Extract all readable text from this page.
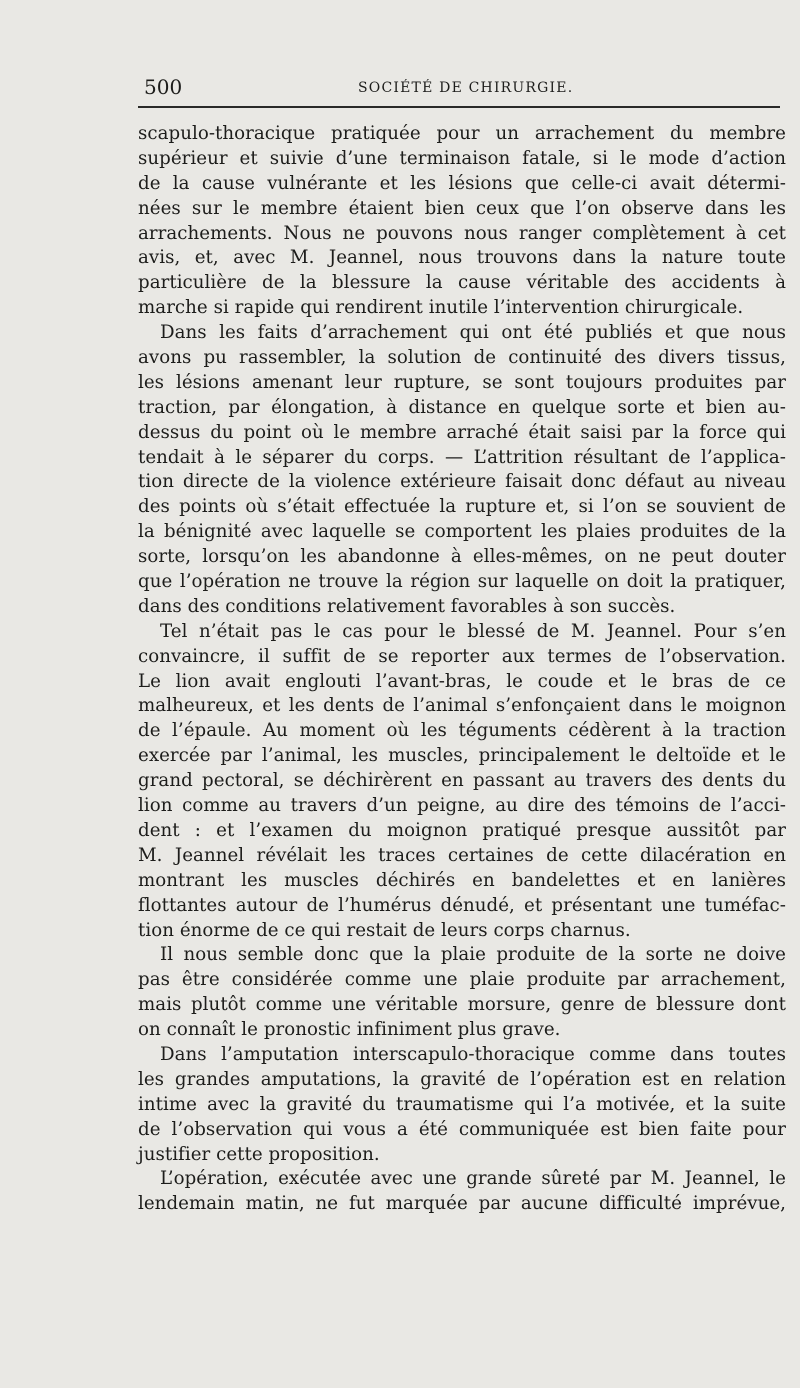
500	SOCIÉTÉ DE CHIRURGIE.
scapulo-thoracique pratiquée pour un arrachement du membre
supérieur et suivie d’une terminaison fatale, si le mode d’action
de la cause vulnérante et les lésions que celle-ci avait détermi-
nées sur le membre étaient bien ceux que l’on observe dans les
arrachements. Nous ne pouvons nous ranger complètement à cet
avis, et, avec M. Jeannel, nous trouvons dans la nature toute
particulière de la blessure la cause véritable des accidents à
marche si rapide qui rendirent inutile l’intervention chirurgicale.
Dans les faits d’arrachement qui ont été publiés et que nous
avons pu rassembler, la solution de continuité des divers tissus,
les lésions amenant leur rupture, se sont toujours produites par
traction, par élongation, à distance en quelque sorte et bien au-
dessus du point où le membre arraché était saisi par la force qui
tendait à le séparer du corps. — L’attrition résultant de l’applica-
tion directe de la violence extérieure faisait donc défaut au niveau
des points où s’était effectuée la rupture et, si l’on se souvient de
la bénignité avec laquelle se comportent les plaies produites de la
sorte, lorsqu’on les abandonne à elles-mêmes, on ne peut douter
que l’opération ne trouve la région sur laquelle on doit la pratiquer,
dans des conditions relativement favorables à son succès.
Tel n’était pas le cas pour le blessé de M. Jeannel. Pour s’en
convaincre, il suffit de se reporter aux termes de l’observation.
Le lion avait englouti l’avant-bras, le coude et le bras de ce
malheureux, et les dents de l’animal s’enfonçaient dans le moignon
de l’épaule. Au moment où les téguments cédèrent à la traction
exercée par l’animal, les muscles, principalement le deltoïde et le
grand pectoral, se déchirèrent en passant au travers des dents du
lion comme au travers d’un peigne, au dire des témoins de l’acci-
dent : et l’examen du moignon pratiqué presque aussitôt par
M. Jeannel révélait les traces certaines de cette dilacération en
montrant les muscles déchirés en bandelettes et en lanières
flottantes autour de l’humérus dénudé, et présentant une tuméfac-
tion énorme de ce qui restait de leurs corps charnus.
Il nous semble donc que la plaie produite de la sorte ne doive
pas être considérée comme une plaie produite par arrachement,
mais plutôt comme une véritable morsure, genre de blessure dont
on connaît le pronostic infiniment plus grave.
Dans l’amputation interscapulo-thoracique comme dans toutes
les grandes amputations, la gravité de l’opération est en relation
intime avec la gravité du traumatisme qui l’a motivée, et la suite
de l’observation qui vous a été communiquée est bien faite pour
justifier cette proposition.
L’opération, exécutée avec une grande sûreté par M. Jeannel, le
lendemain matin, ne fut marquée par aucune difficulté imprévue,
